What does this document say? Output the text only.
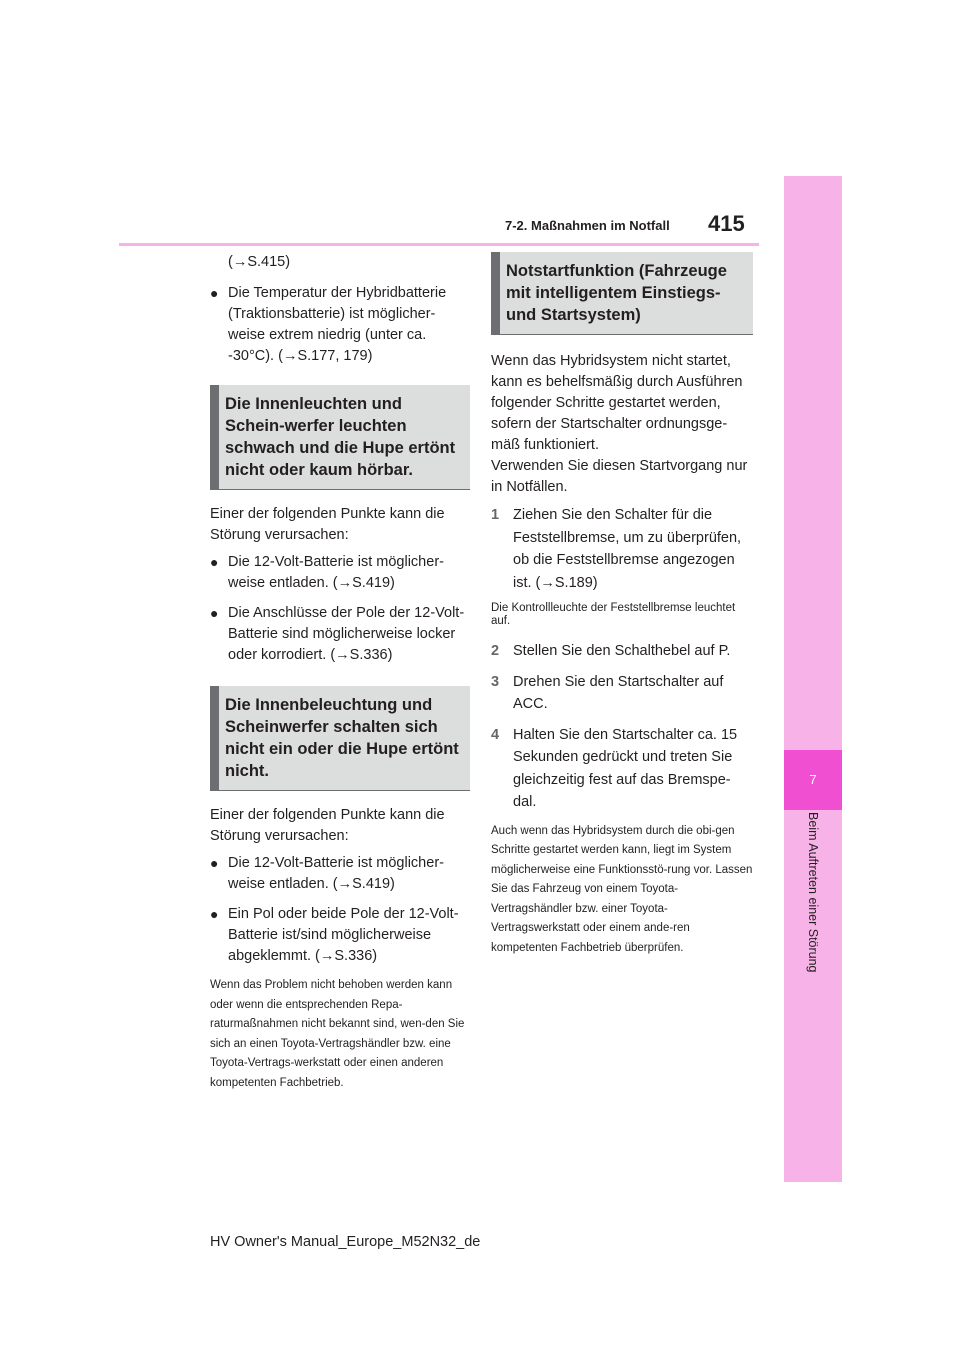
7-2. Maßnahmen im Notfall 415
7
Beim Auftreten einer Störung

(→S.415)

● Die Temperatur der Hybridbatterie (Traktionsbatterie) ist möglicher-weise extrem niedrig (unter ca. -30°C). (→S.177, 179)

Die Innenleuchten und Schein-werfer leuchten schwach und die Hupe ertönt nicht oder kaum hörbar.

Einer der folgenden Punkte kann die Störung verursachen:

● Die 12-Volt-Batterie ist möglicher-weise entladen. (→S.419)

● Die Anschlüsse der Pole der 12-Volt-Batterie sind möglicherweise locker oder korrodiert. (→S.336)

Die Innenbeleuchtung und Scheinwerfer schalten sich nicht ein oder die Hupe ertönt nicht.

Einer der folgenden Punkte kann die Störung verursachen:

● Die 12-Volt-Batterie ist möglicher-weise entladen. (→S.419)

● Ein Pol oder beide Pole der 12-Volt-Batterie ist/sind möglicherweise abgeklemmt. (→S.336)

Wenn das Problem nicht behoben werden kann oder wenn die entsprechenden Repa-raturmaßnahmen nicht bekannt sind, wen-den Sie sich an einen Toyota-Vertragshändler bzw. eine Toyota-Vertrags-werkstatt oder einen anderen kompetenten Fachbetrieb.

Notstartfunktion (Fahrzeuge mit intelligentem Einstiegs- und Startsystem)

Wenn das Hybridsystem nicht startet, kann es behelfsmäßig durch Ausführen folgender Schritte gestartet werden, sofern der Startschalter ordnungsge-mäß funktioniert.

Verwenden Sie diesen Startvorgang nur in Notfällen.

1 Ziehen Sie den Schalter für die Feststellbremse, um zu überprüfen, ob die Feststellbremse angezogen ist. (→S.189)

Die Kontrollleuchte der Feststellbremse leuchtet auf.

2 Stellen Sie den Schalthebel auf P.

3 Drehen Sie den Startschalter auf ACC.

4 Halten Sie den Startschalter ca. 15 Sekunden gedrückt und treten Sie gleichzeitig fest auf das Bremspe-dal.

Auch wenn das Hybridsystem durch die obi-gen Schritte gestartet werden kann, liegt im System möglicherweise eine Funktionsstö-rung vor. Lassen Sie das Fahrzeug von einem Toyota-Vertragshändler bzw. einer Toyota-Vertragswerkstatt oder einem ande-ren kompetenten Fachbetrieb überprüfen.

HV Owner's Manual_Europe_M52N32_de
